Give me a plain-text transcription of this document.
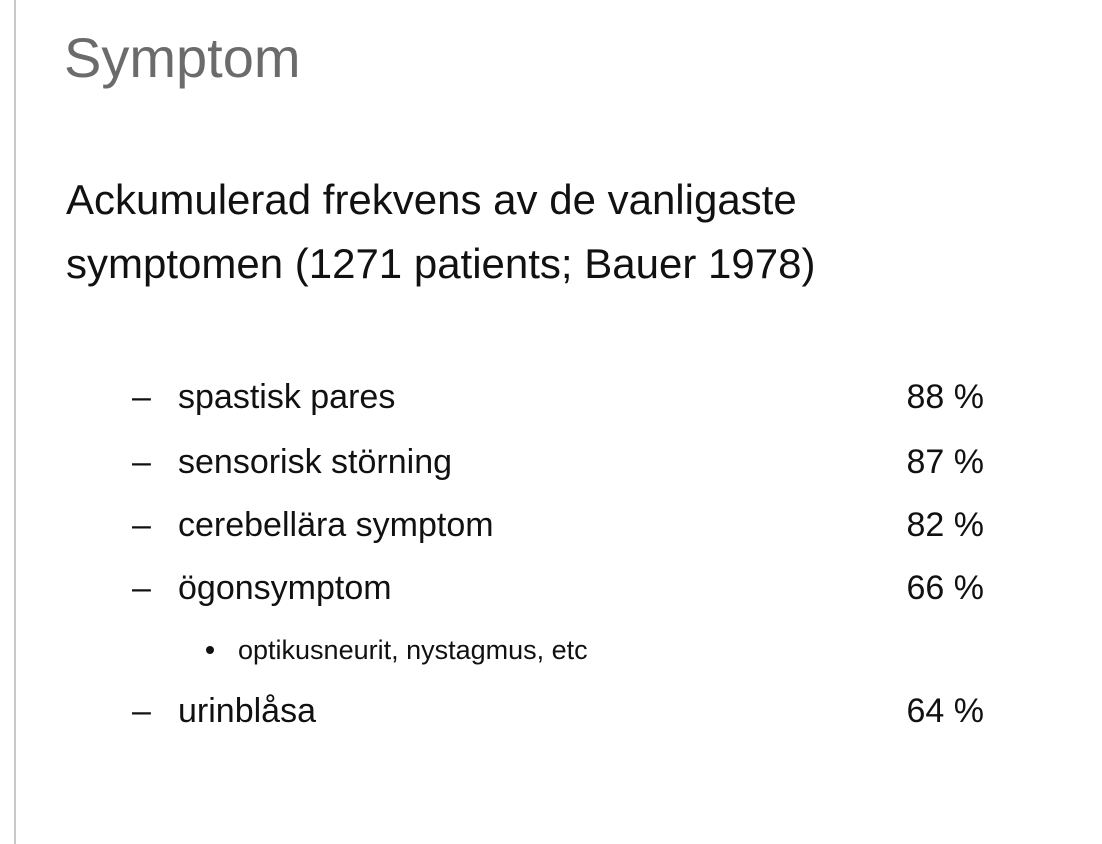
Symptom

Ackumulerad frekvens av de vanligaste
symptomen (1271 patients; Bauer 1978)

– spastisk pares	88 %
– sensorisk störning	87 %
– cerebellära symptom	82 %
– ögonsymptom	66 %
optikusneurit, nystagmus, etc
– urinblåsa	64 %
